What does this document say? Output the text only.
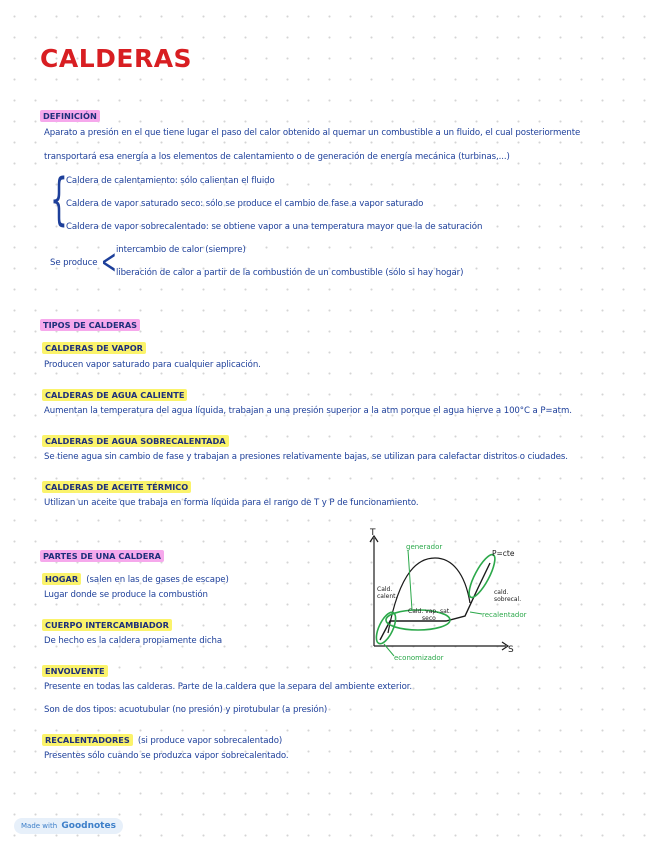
CALDERAS
DEFINICIÓN
Aparato a presión en el que tiene lugar el paso del calor obtenido al quemar un combustible a un fluido, el cual posteriormente
transportará esa energía a los elementos de calentamiento o de generación de energía mecánica (turbinas,...)
{
Caldera de calentamiento: sólo calientan el fluido
Caldera de vapor saturado seco: sólo se produce el cambio de fase a vapor saturado
Caldera de vapor sobrecalentado: se obtiene vapor a una temperatura mayor que la de saturación
Se produce < intercambio de calor (siempre)
liberación de calor a partir de la combustión de un combustible (sólo si hay hogar)
TIPOS DE CALDERAS
CALDERAS DE VAPOR
Producen vapor saturado para cualquier aplicación.
CALDERAS DE AGUA CALIENTE
Aumentan la temperatura del agua líquida, trabajan a una presión superior a la atm porque el agua hierve a 100°C a P=atm.
CALDERAS DE AGUA SOBRECALENTADA
Se tiene agua sin cambio de fase y trabajan a presiones relativamente bajas, se utilizan para calefactar distritos o ciudades.
CALDERAS DE ACEITE TÉRMICO
Utilizan un aceite que trabaja en forma líquida para el rango de T y P de funcionamiento.
PARTES DE UNA CALDERA
HOGAR (salen en las de gases de escape)
Lugar donde se produce la combustión
CUERPO INTERCAMBIADOR
De hecho es la caldera propiamente dicha
ENVOLVENTE
Presente en todas las calderas. Parte de la caldera que la separa del ambiente exterior.
Son de dos tipos: acuotubular (no presión) y pirotubular (a presión)
RECALENTADORES (si produce vapor sobrecalentado)
Presentes sólo cuando se produzca vapor sobrecalentado.
T
S
generador
P=cte
Cald.
calent.
Cald. vap. sat.
seco
cald.
sobrecal.
recalentador
economizador
Made with Goodnotes
